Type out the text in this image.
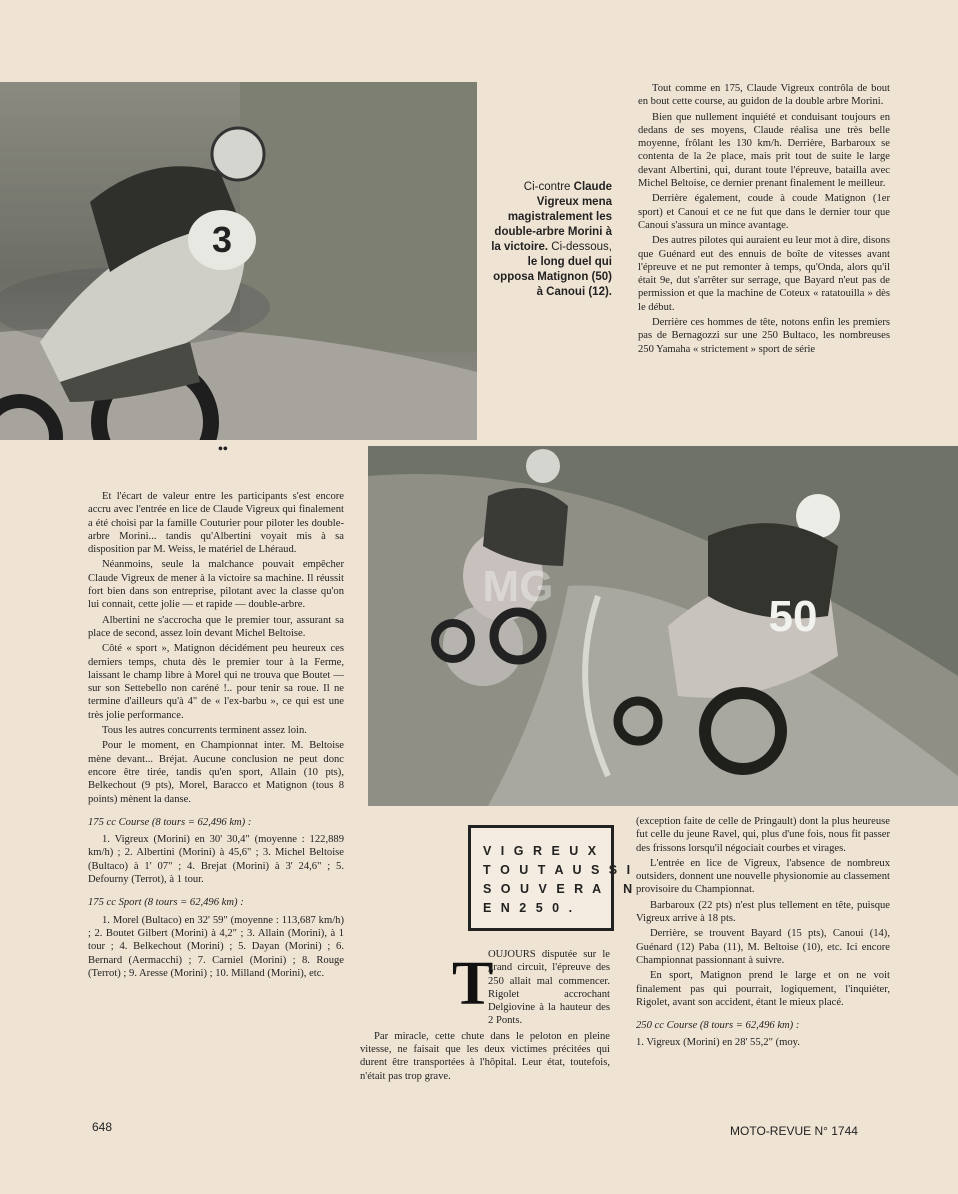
3
Ci-contre Claude Vigreux mena magistralement les double-arbre Morini à la victoire. Ci-dessous, le long duel qui opposa Matignon (50) à Canoui (12).

Tout comme en 175, Claude Vigreux contrôla de bout en bout cette course, au guidon de la double arbre Morini.

Bien que nullement inquiété et conduisant toujours en dedans de ses moyens, Claude réalisa une très belle moyenne, frôlant les 130 km/h. Derrière, Barbaroux se contenta de la 2e place, mais prit tout de suite le large devant Albertini, qui, durant toute l'épreuve, batailla avec Michel Beltoise, ce dernier prenant finalement le meilleur.

Derrière également, coude à coude Matignon (1er sport) et Canoui et ce ne fut que dans le dernier tour que Canoui s'assura un mince avantage.

Des autres pilotes qui auraient eu leur mot à dire, disons que Guénard eut des ennuis de boîte de vitesses avant l'épreuve et ne put remonter à temps, qu'Onda, alors qu'il était 9e, dut s'arrêter sur serrage, que Bayard n'eut pas de permission et que la machine de Coteux « ratatouilla » dès le début.

Derrière ces hommes de tête, notons enfin les premiers pas de Bernagozzi sur une 250 Bultaco, les nombreuses 250 Yamaha « strictement » sport de série

••
50
MG

Et l'écart de valeur entre les participants s'est encore accru avec l'entrée en lice de Claude Vigreux qui finalement a été choisi par la famille Couturier pour piloter les double-arbre Morini... tandis qu'Albertini voyait mis à sa disposition par M. Weiss, le matériel de Lhéraud.

Néanmoins, seule la malchance pouvait empêcher Claude Vigreux de mener à la victoire sa machine. Il réussit fort bien dans son entreprise, pilotant avec la classe qu'on lui connait, cette jolie — et rapide — double-arbre.

Albertini ne s'accrocha que le premier tour, assurant sa place de second, assez loin devant Michel Beltoise.

Côté « sport », Matignon décidément peu heureux ces derniers temps, chuta dès le premier tour à la Ferme, laissant le champ libre à Morel qui ne trouva que Boutet — sur son Settebello non caréné !.. pour tenir sa roue. Il ne termine d'ailleurs qu'à 4" de « l'ex-barbu », ce qui est une très jolie performance.

Tous les autres concurrents terminent assez loin.

Pour le moment, en Championnat inter. M. Beltoise mène devant... Bréjat. Aucune conclusion ne peut donc encore être tirée, tandis qu'en sport, Allain (10 pts), Belkechout (9 pts), Morel, Baracco et Matignon (tous 8 points) mènent la danse.

175 cc Course (8 tours = 62,496 km) :

1. Vigreux (Morini) en 30' 30,4" (moyenne : 122,889 km/h) ; 2. Albertini (Morini) à 45,6" ; 3. Michel Beltoise (Bultaco) à 1' 07" ; 4. Brejat (Morini) à 3' 24,6" ; 5. Defourny (Terrot), à 1 tour.

175 cc Sport (8 tours = 62,496 km) :

1. Morel (Bultaco) en 32' 59" (moyenne : 113,687 km/h) ; 2. Boutet Gilbert (Morini) à 4,2" ; 3. Allain (Morini), à 1 tour ; 4. Belkechout (Morini) ; 5. Dayan (Morini) ; 6. Bernard (Aermacchi) ; 7. Carniel (Morini) ; 8. Rouge (Terrot) ; 9. Aresse (Morini) ; 10. Milland (Morini), etc.

V I G R E U X
T O U T A U S S I
S O U V E R A I N
E N 2 5 0 .
T

OUJOURS disputée sur le grand circuit, l'épreuve des 250 allait mal commencer. Rigolet accrochant Delgiovine à la hauteur des 2 Ponts.

Par miracle, cette chute dans le peloton en pleine vitesse, ne faisait que les deux victimes précitées qui durent être transportées à l'hôpital. Leur état, toutefois, n'était pas trop grave.

(exception faite de celle de Pringault) dont la plus heureuse fut celle du jeune Ravel, qui, plus d'une fois, nous fit passer des frissons lorsqu'il négociait courbes et virages.

L'entrée en lice de Vigreux, l'absence de nombreux outsiders, donnent une nouvelle physionomie au classement provisoire du Championnat.

Barbaroux (22 pts) n'est plus tellement en tête, puisque Vigreux arrive à 18 pts.

Derrière, se trouvent Bayard (15 pts), Canoui (14), Guénard (12) Paba (11), M. Beltoise (10), etc. Ici encore Championnat passionnant à suivre.

En sport, Matignon prend le large et on ne voit finalement pas qui pourrait, logiquement, l'inquiéter, Rigolet, avant son accident, étant le mieux placé.

250 cc Course (8 tours = 62,496 km) :

1. Vigreux (Morini) en 28' 55,2" (moy.

648	MOTO-REVUE N° 1744
